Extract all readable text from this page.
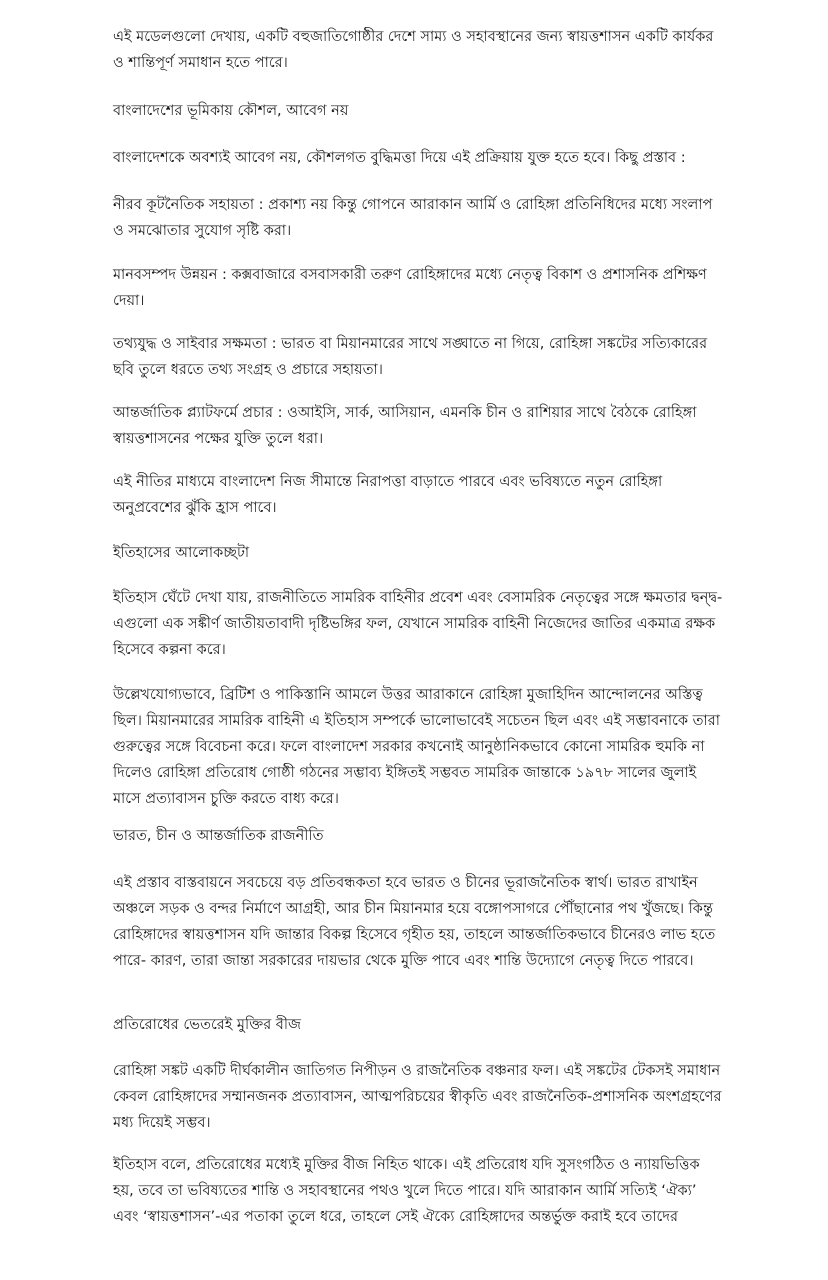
এই মডেলগুলো দেখায়, একটি বহুজাতিগোষ্ঠীর দেশে সাম্য ও সহাবস্থানের জন্য স্বায়ত্তশাসন একটি কার্যকর ও শান্তিপূর্ণ সমাধান হতে পারে।

বাংলাদেশের ভূমিকায় কৌশল, আবেগ নয়

বাংলাদেশকে অবশ্যই আবেগ নয়, কৌশলগত বুদ্ধিমত্তা দিয়ে এই প্রক্রিয়ায় যুক্ত হতে হবে। কিছু প্রস্তাব :

নীরব কূটনৈতিক সহায়তা : প্রকাশ্য নয় কিন্তু গোপনে আরাকান আর্মি ও রোহিঙ্গা প্রতিনিধিদের মধ্যে সংলাপ ও সমঝোতার সুযোগ সৃষ্টি করা।

মানবসম্পদ উন্নয়ন : কক্সবাজারে বসবাসকারী তরুণ রোহিঙ্গাদের মধ্যে নেতৃত্ব বিকাশ ও প্রশাসনিক প্রশিক্ষণ দেয়া।

তথ্যযুদ্ধ ও সাইবার সক্ষমতা : ভারত বা মিয়ানমারের সাথে সঙ্ঘাতে না গিয়ে, রোহিঙ্গা সঙ্কটের সত্যিকারের ছবি তুলে ধরতে তথ্য সংগ্রহ ও প্রচারে সহায়তা।

আন্তর্জাতিক প্ল্যাটফর্মে প্রচার : ওআইসি, সার্ক, আসিয়ান, এমনকি চীন ও রাশিয়ার সাথে বৈঠকে রোহিঙ্গা স্বায়ত্তশাসনের পক্ষের যুক্তি তুলে ধরা।

এই নীতির মাধ্যমে বাংলাদেশ নিজ সীমান্তে নিরাপত্তা বাড়াতে পারবে এবং ভবিষ্যতে নতুন রোহিঙ্গা অনুপ্রবেশের ঝুঁকি হ্রাস পাবে।

ইতিহাসের আলোকচ্ছটা

ইতিহাস ঘেঁটে দেখা যায়, রাজনীতিতে সামরিক বাহিনীর প্রবেশ এবং বেসামরিক নেতৃত্বের সঙ্গে ক্ষমতার দ্বন্দ্ব- এগুলো এক সঙ্কীর্ণ জাতীয়তাবাদী দৃষ্টিভঙ্গির ফল, যেখানে সামরিক বাহিনী নিজেদের জাতির একমাত্র রক্ষক হিসেবে কল্পনা করে।

উল্লেখযোগ্যভাবে, ব্রিটিশ ও পাকিস্তানি আমলে উত্তর আরাকানে রোহিঙ্গা মুজাহিদিন আন্দোলনের অস্তিত্ব ছিল। মিয়ানমারের সামরিক বাহিনী এ ইতিহাস সম্পর্কে ভালোভাবেই সচেতন ছিল এবং এই সম্ভাবনাকে তারা গুরুত্বের সঙ্গে বিবেচনা করে। ফলে বাংলাদেশ সরকার কখনোই আনুষ্ঠানিকভাবে কোনো সামরিক হুমকি না দিলেও রোহিঙ্গা প্রতিরোধ গোষ্ঠী গঠনের সম্ভাব্য ইঙ্গিতই সম্ভবত সামরিক জান্তাকে ১৯৭৮ সালের জুলাই মাসে প্রত্যাবাসন চুক্তি করতে বাধ্য করে।

ভারত, চীন ও আন্তর্জাতিক রাজনীতি

এই প্রস্তাব বাস্তবায়নে সবচেয়ে বড় প্রতিবন্ধকতা হবে ভারত ও চীনের ভূরাজনৈতিক স্বার্থ। ভারত রাখাইন অঞ্চলে সড়ক ও বন্দর নির্মাণে আগ্রহী, আর চীন মিয়ানমার হয়ে বঙ্গোপসাগরে পৌঁছানোর পথ খুঁজছে। কিন্তু রোহিঙ্গাদের স্বায়ত্তশাসন যদি জান্তার বিকল্প হিসেবে গৃহীত হয়, তাহলে আন্তর্জাতিকভাবে চীনেরও লাভ হতে পারে- কারণ, তারা জান্তা সরকারের দায়ভার থেকে মুক্তি পাবে এবং শান্তি উদ্যোগে নেতৃত্ব দিতে পারবে।

প্রতিরোধের ভেতরেই মুক্তির বীজ

রোহিঙ্গা সঙ্কট একটি দীর্ঘকালীন জাতিগত নিপীড়ন ও রাজনৈতিক বঞ্চনার ফল। এই সঙ্কটের টেকসই সমাধান কেবল রোহিঙ্গাদের সম্মানজনক প্রত্যাবাসন, আত্মপরিচয়ের স্বীকৃতি এবং রাজনৈতিক-প্রশাসনিক অংশগ্রহণের মধ্য দিয়েই সম্ভব।

ইতিহাস বলে, প্রতিরোধের মধ্যেই মুক্তির বীজ নিহিত থাকে। এই প্রতিরোধ যদি সুসংগঠিত ও ন্যায়ভিত্তিক হয়, তবে তা ভবিষ্যতের শান্তি ও সহাবস্থানের পথও খুলে দিতে পারে। যদি আরাকান আর্মি সত্যিই ‘ঐক্য’ এবং ‘স্বায়ত্তশাসন’-এর পতাকা তুলে ধরে, তাহলে সেই ঐক্যে রোহিঙ্গাদের অন্তর্ভুক্ত করাই হবে তাদের
